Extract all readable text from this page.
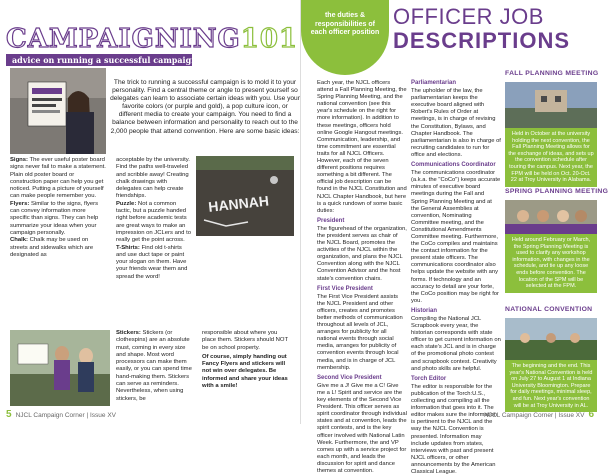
CAMPAIGNING101
advice on running a successful campaign
The trick to running a successful campaign is to mold it to your personality. Find a central theme or angle to present yourself so delegates can learn to associate certain ideas with you. Use your favorite colors (or purple and gold), a pop culture icon, or different media to create your campaign. You need to find a balance between information and personality to reach out to the 2,000 people that attend convention. Here are some basic ideas:
HANNAH

Signs: The ever useful poster board signs never fail to make a statement. Plain old poster board or construction paper can help you get noticed. Putting a picture of yourself can make people remember you.

Flyers: Similar to the signs, flyers can convey information more specific than signs. They can help summarize your ideas when your campaign personally.

Chalk: Chalk may be used on streets and sidewalks which are designated as

acceptable by the university. Find the paths well-traveled and scribble away! Creating chalk drawings with delegates can help create friendships.

Puzzle: Not a common tactic, but a puzzle handed right before academic tests are great ways to make an impression on JCLers and to really get the point across.

T-Shirts: Find old t-shirts and use duct tape or paint your slogan on them. Have your friends wear them and spread the word!

Stickers: Stickers (or clothespins) are an absolute must, coming in every size and shape. Most word processors can make them easily, or you can spend time hand-making them. Stickers can serve as reminders. Nevertheless, when using stickers, be

responsible about where you place them. Stickers should NOT be on school property.

Of course, simply handing out Fancy Flyers and stickers will not win over delegates. Be informed and share your ideas with a smile!

5 NJCL Campaign Corner | Issue XV
the duties & responsibilities of each officer position
OFFICER JOB
DESCRIPTIONS

Each year, the NJCL officers attend a Fall Planning Meeting, the Spring Planning Meeting, and the national convention (see this year's schedule on the right for more information). In addition to these meetings, officers hold online Google Hangout meetings. Communication, leadership, and time commitment are essential traits for all NJCL Officers. However, each of the seven different positions requires something a bit different. The official job description can be found in the NJCL Constitution and NJCL Chapter Handbook, but here is a quick rundown of some basic duties:

President

The figurehead of the organization, the president serves as chair of the NJCL Board, promotes the activities of the NJCL within the organization, and plans the NJCL Convention along with the NJCL Convention Advisor and the host state's convention chairs.

First Vice President

The First Vice President assists the NJCL President and other officers, creates and promotes better methods of communication throughout all levels of JCL, arranges for publicity for all national events through social media, arranges for publicity of convention events through local media, and is in charge of JCL membership.

Second Vice President

Give me a J! Give me a C! Give me a L! Spirit and service are the key elements of the Second Vice President. This officer serves as spirit coordinator through individual states and at convention, leads the spirit contests, and is the key officer involved with National Latin Week. Furthermore, the and VP comes up with a service project for each month, and leads the discussion for spirit and dance themes at convention.

Parliamentarian

The upholder of the law, the parliamentarian keeps the executive board aligned with Robert's Rules of Order at meetings, is in charge of revising the Constitution, Bylaws, and Chapter Handbook. The parliamentarian is also in charge of recruiting candidates to run for office and elections.

Communications Coordinator

The communications coordinator (a.k.a. the "CoCo") keeps accurate minutes of executive board meetings during the Fall and Spring Planning Meeting and at the General Assemblies at convention, Nominating Committee meeting, and the Constitutional Amendments Committee meeting. Furthermore, the CoCo compiles and maintains the contact information for the present state officers. The communications coordinator also helps update the website with any forms. If technology and an accuracy to detail are your forte, the CoCo position may be right for you.

Historian

Compiling the National JCL Scrapbook every year, the historian corresponds with state officer to get current information on each state's JCL and is in charge of the promotional photo contest and scrapbook contest. Creativity and photo skills are helpful.

Torch Editor

The editor is responsible for the publication of the Torch:U.S., collecting and compiling all the information that goes into it. The editor makes sure the information is pertinent to the NJCL and the way the NJCL Convention is presented. Information may include updates from states, interviews with past and present NJCL officers, or other announcements by the American Classical League.

FALL PLANNING MEETING
Held in October at the university holding the next convention, the Fall Planning Meeting allows for the exchange of ideas, and sets up the convention schedule after touring the campus. Next year, the FPM will be held on Oct. 20-Oct. 22 at Troy University in Alabama.
SPRING PLANNING MEETING
Held around February or March, the Spring Planning Meeting is used to clarify any workshop information, with changes in the schedule, and tie up any loose ends before convention. The location of the SPM will be selected at the FPM.
NATIONAL CONVENTION
The beginning and the end. This year's National Convention is held on July 27 to August 1 at Indiana University Bloomington. Prepare for daily meetings, minimal sleep, and fun. Next year's convention will be at Troy University in AL.
NJCL Campaign Corner | Issue XV 6
